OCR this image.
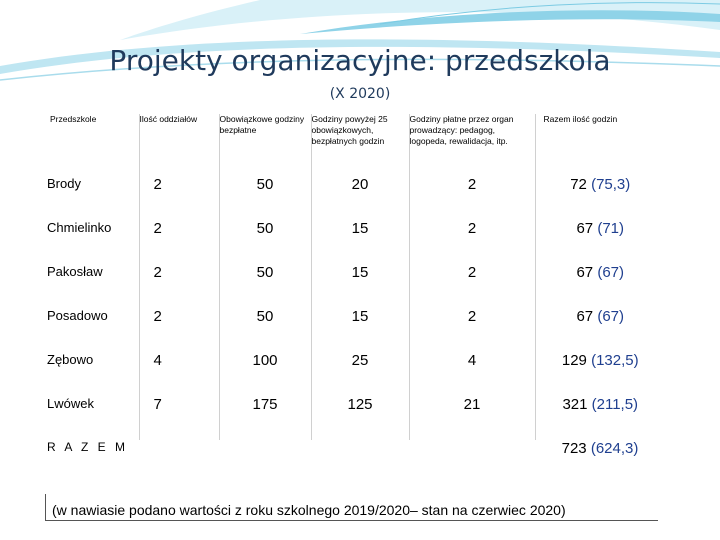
Projekty organizacyjne: przedszkola
(X 2020)
Przedszkole	Ilość oddziałów	Obowiązkowe godziny bezpłatne	Godziny powyżej 25 obowiązkowych, bezpłatnych godzin	Godziny płatne przez organ prowadzący: pedagog, logopeda, rewalidacja, itp.	Razem ilość godzin
Brody	2	50	20	2	72 (75,3)
Chmielinko	2	50	15	2	67 (71)
Pakosław	2	50	15	2	67 (67)
Posadowo	2	50	15	2	67 (67)
Zębowo	4	100	25	4	129 (132,5)
Lwówek	7	175	125	21	321 (211,5)
R A Z E M					723 (624,3)
(w nawiasie podano wartości z roku szkolnego 2019/2020– stan na czerwiec 2020)
